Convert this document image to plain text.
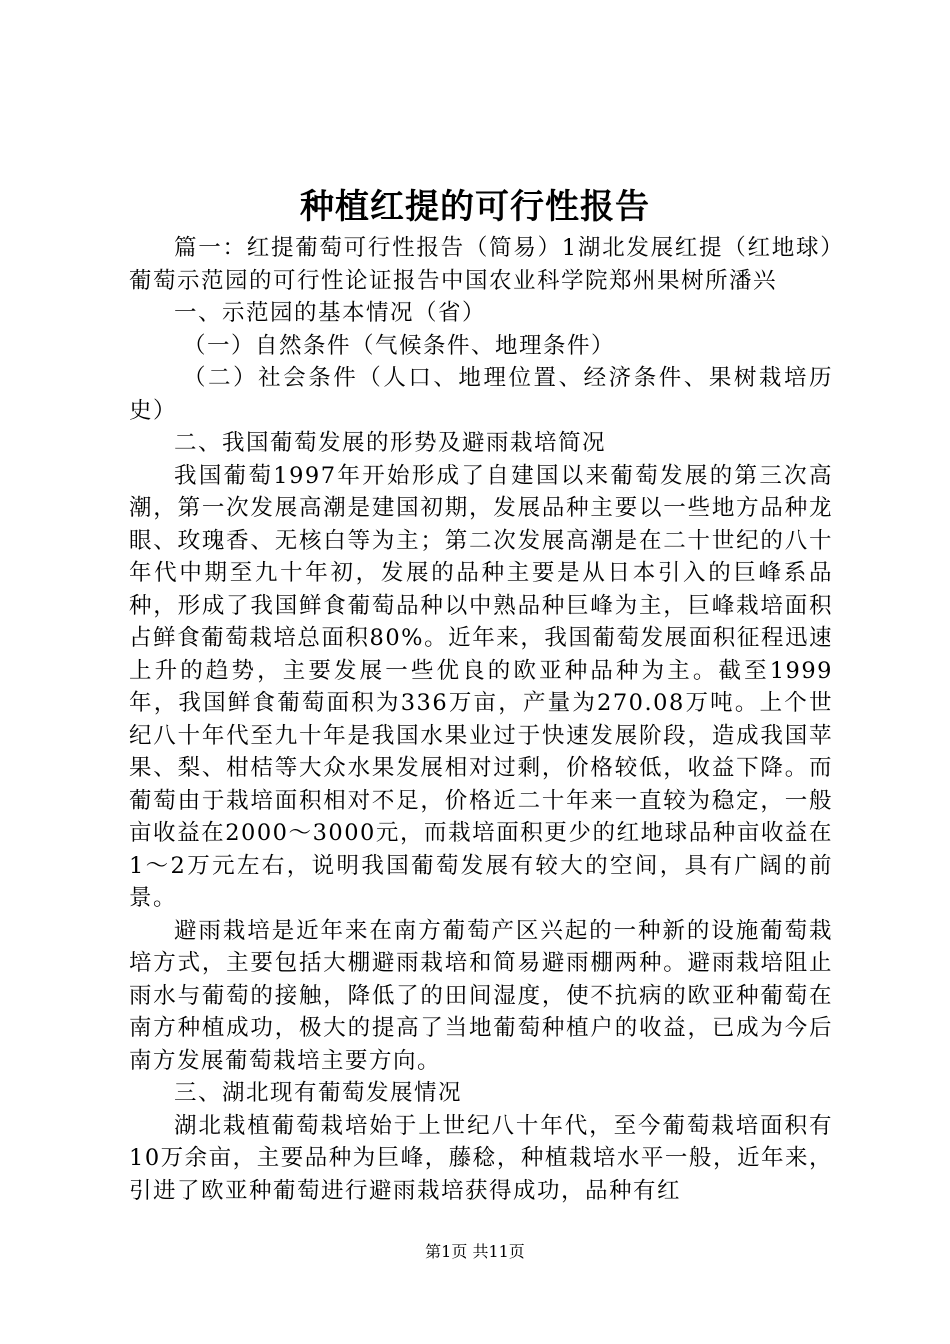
种植红提的可行性报告

篇一：红提葡萄可行性报告（简易）1湖北发展红提（红地球）葡萄示范园的可行性论证报告中国农业科学院郑州果树所潘兴

一、示范园的基本情况（省）

（一）自然条件（气候条件、地理条件）

（二）社会条件（人口、地理位置、经济条件、果树栽培历史）

二、我国葡萄发展的形势及避雨栽培简况

我国葡萄1997年开始形成了自建国以来葡萄发展的第三次高潮，第一次发展高潮是建国初期，发展品种主要以一些地方品种龙眼、玫瑰香、无核白等为主；第二次发展高潮是在二十世纪的八十年代中期至九十年初，发展的品种主要是从日本引入的巨峰系品种，形成了我国鲜食葡萄品种以中熟品种巨峰为主，巨峰栽培面积占鲜食葡萄栽培总面积80%。近年来，我国葡萄发展面积征程迅速上升的趋势，主要发展一些优良的欧亚种品种为主。截至1999年，我国鲜食葡萄面积为336万亩，产量为270.08万吨。上个世纪八十年代至九十年是我国水果业过于快速发展阶段，造成我国苹果、梨、柑桔等大众水果发展相对过剩，价格较低，收益下降。而葡萄由于栽培面积相对不足，价格近二十年来一直较为稳定，一般亩收益在2000～3000元，而栽培面积更少的红地球品种亩收益在1～2万元左右，说明我国葡萄发展有较大的空间，具有广阔的前景。

避雨栽培是近年来在南方葡萄产区兴起的一种新的设施葡萄栽培方式，主要包括大棚避雨栽培和简易避雨棚两种。避雨栽培阻止雨水与葡萄的接触，降低了的田间湿度，使不抗病的欧亚种葡萄在南方种植成功，极大的提高了当地葡萄种植户的收益，已成为今后南方发展葡萄栽培主要方向。

三、湖北现有葡萄发展情况

湖北栽植葡萄栽培始于上世纪八十年代，至今葡萄栽培面积有10万余亩，主要品种为巨峰，藤稔，种植栽培水平一般，近年来，引进了欧亚种葡萄进行避雨栽培获得成功，品种有红

第1页 共11页
